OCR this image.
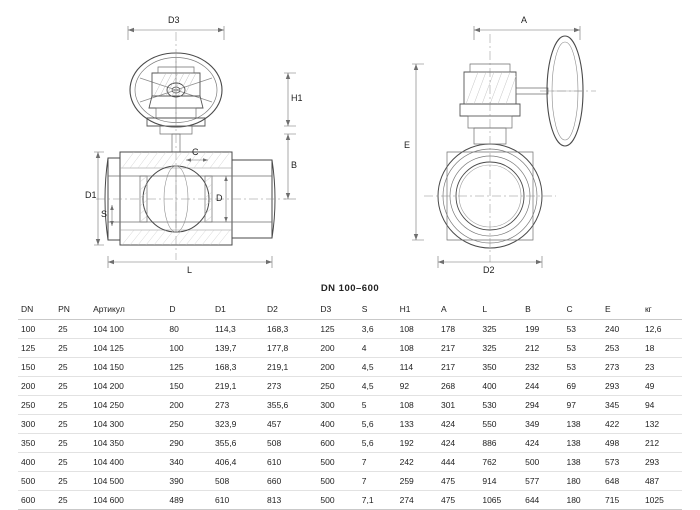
D3
H1
B
D1
S
C
D
L
A
E
D2
DN 100–600
DN	PN	Артикул	D	D1	D2	D3	S	H1	A	L	B	C	E	кг
100	25	104 100	80	114,3	168,3	125	3,6	108	178	325	199	53	240	12,6
125	25	104 125	100	139,7	177,8	200	4	108	217	325	212	53	253	18
150	25	104 150	125	168,3	219,1	200	4,5	114	217	350	232	53	273	23
200	25	104 200	150	219,1	273	250	4,5	92	268	400	244	69	293	49
250	25	104 250	200	273	355,6	300	5	108	301	530	294	97	345	94
300	25	104 300	250	323,9	457	400	5,6	133	424	550	349	138	422	132
350	25	104 350	290	355,6	508	600	5,6	192	424	886	424	138	498	212
400	25	104 400	340	406,4	610	500	7	242	444	762	500	138	573	293
500	25	104 500	390	508	660	500	7	259	475	914	577	180	648	487
600	25	104 600	489	610	813	500	7,1	274	475	1065	644	180	715	1025
